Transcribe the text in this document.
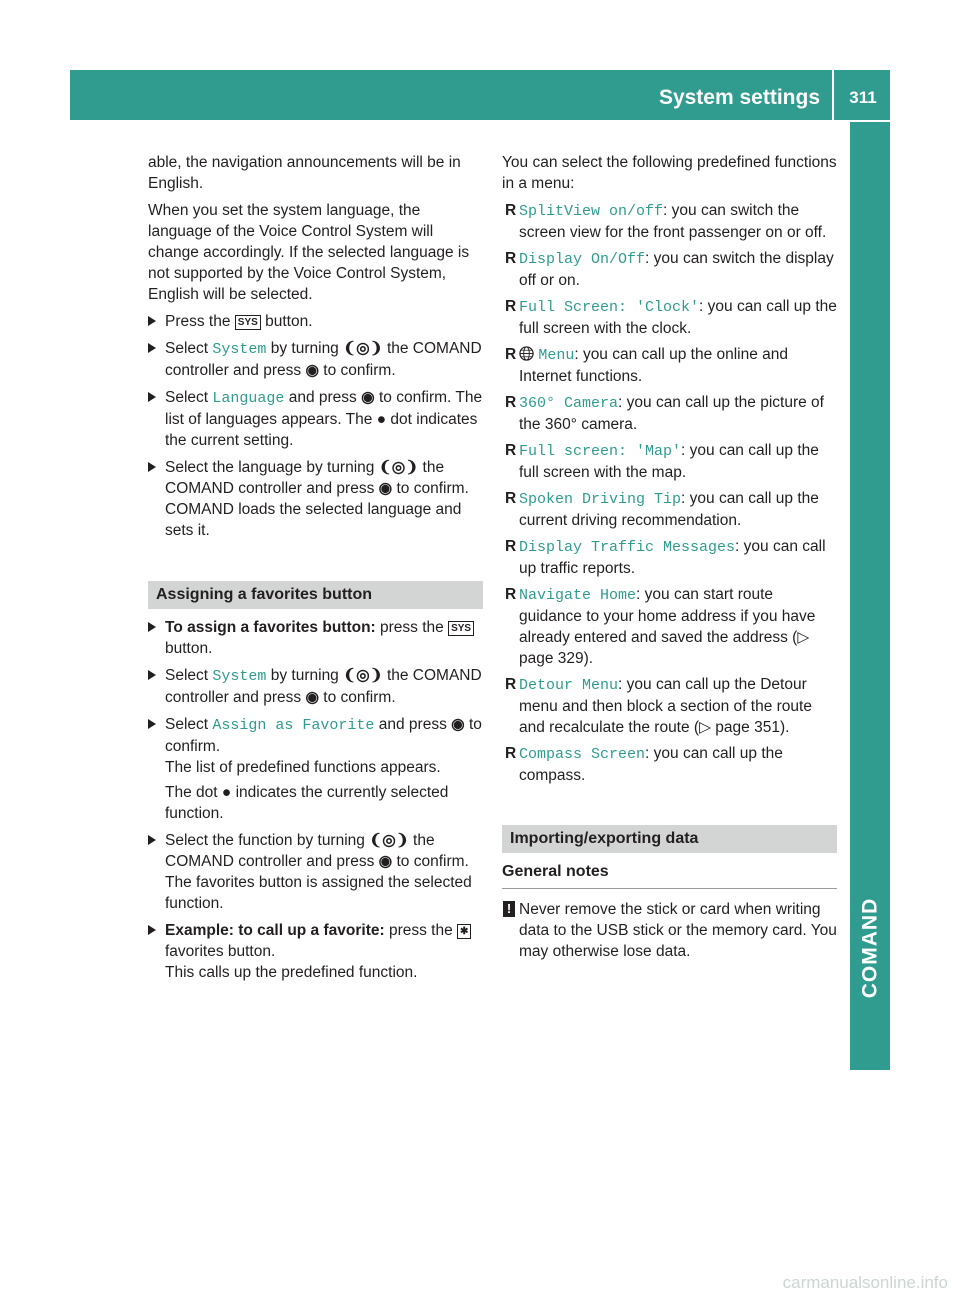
System settings	311
COMAND

able, the navigation announcements will be in English.

When you set the system language, the language of the Voice Control System will change accordingly. If the selected language is not supported by the Voice Control System, English will be selected.

Press the SYS button.
Select System by turning ❨◎❩ the COMAND controller and press ◉ to confirm.
Select Language and press ◉ to confirm. The list of languages appears. The ● dot indicates the current setting.
Select the language by turning ❨◎❩ the COMAND controller and press ◉ to confirm.
COMAND loads the selected language and sets it.
Assigning a favorites button
To assign a favorites button: press the SYS button.
Select System by turning ❨◎❩ the COMAND controller and press ◉ to confirm.
Select Assign as Favorite and press ◉ to confirm.
The list of predefined functions appears.
The dot ● indicates the currently selected function.
Select the function by turning ❨◎❩ the COMAND controller and press ◉ to confirm.
The favorites button is assigned the selected function.
Example: to call up a favorite: press the ✱ favorites button.
This calls up the predefined function.

You can select the following predefined functions in a menu:

R SplitView on/off: you can switch the screen view for the front passenger on or off.
R Display On/Off: you can switch the display off or on.
R Full Screen: 'Clock': you can call up the full screen with the clock.
R Menu: you can call up the online and Internet functions.
R 360° Camera: you can call up the picture of the 360° camera.
R Full screen: 'Map': you can call up the full screen with the map.
R Spoken Driving Tip: you can call up the current driving recommendation.
R Display Traffic Messages: you can call up traffic reports.
R Navigate Home: you can start route guidance to your home address if you have already entered and saved the address (▷ page 329).
R Detour Menu: you can call up the Detour menu and then block a section of the route and recalculate the route (▷ page 351).
R Compass Screen: you can call up the compass.
Importing/exporting data
General notes
! Never remove the stick or card when writing data to the USB stick or the memory card. You may otherwise lose data.
carmanualsonline.info
